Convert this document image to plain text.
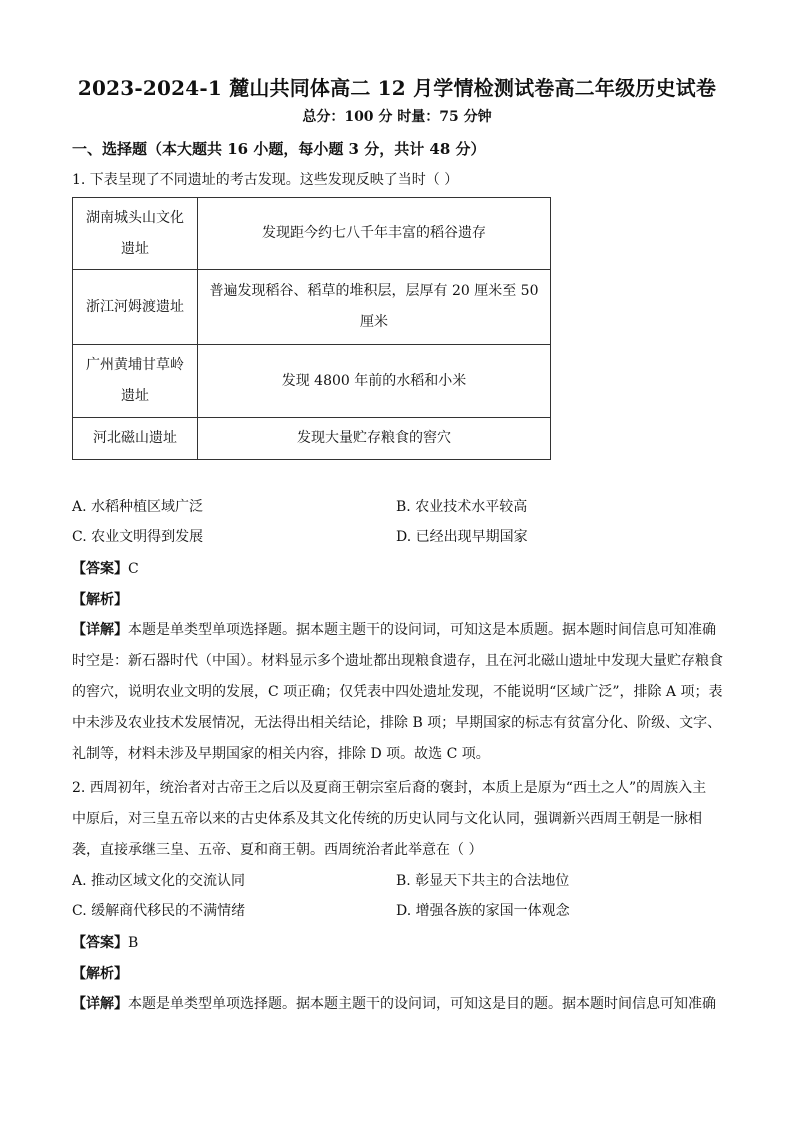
2023-2024-1 麓山共同体高二 12 月学情检测试卷高二年级历史试卷
总分：100 分 时量：75 分钟
一、选择题（本大题共 16 小题，每小题 3 分，共计 48 分）
1. 下表呈现了不同遗址的考古发现。这些发现反映了当时（ ）
湖南城头山文化
遗址	发现距今约七八千年丰富的稻谷遗存

浙江河姆渡遗址	普遍发现稻谷、稻草的堆积层，层厚有 20 厘米至 50
厘米

广州黄埔甘草岭
遗址	发现 4800 年前的水稻和小米

河北磁山遗址	发现大量贮存粮食的窖穴
A. 水稻种植区域广泛	B. 农业技术水平较高
C. 农业文明得到发展	D. 已经出现早期国家
【答案】C
【解析】
【详解】本题是单类型单项选择题。据本题主题干的设问词，可知这是本质题。据本题时间信息可知准确
时空是：新石器时代（中国）。材料显示多个遗址都出现粮食遗存，且在河北磁山遗址中发现大量贮存粮食
的窖穴，说明农业文明的发展，C 项正确；仅凭表中四处遗址发现，不能说明“区域广泛”，排除 A 项；表
中未涉及农业技术发展情况，无法得出相关结论，排除 B 项；早期国家的标志有贫富分化、阶级、文字、
礼制等，材料未涉及早期国家的相关内容，排除 D 项。故选 C 项。
2. 西周初年，统治者对古帝王之后以及夏商王朝宗室后裔的褒封，本质上是原为“西土之人”的周族入主
中原后，对三皇五帝以来的古史体系及其文化传统的历史认同与文化认同，强调新兴西周王朝是一脉相
袭，直接承继三皇、五帝、夏和商王朝。西周统治者此举意在（ ）
A. 推动区域文化的交流认同	B. 彰显天下共主的合法地位
C. 缓解商代移民的不满情绪	D. 增强各族的家国一体观念
【答案】B
【解析】
【详解】本题是单类型单项选择题。据本题主题干的设问词，可知这是目的题。据本题时间信息可知准确
